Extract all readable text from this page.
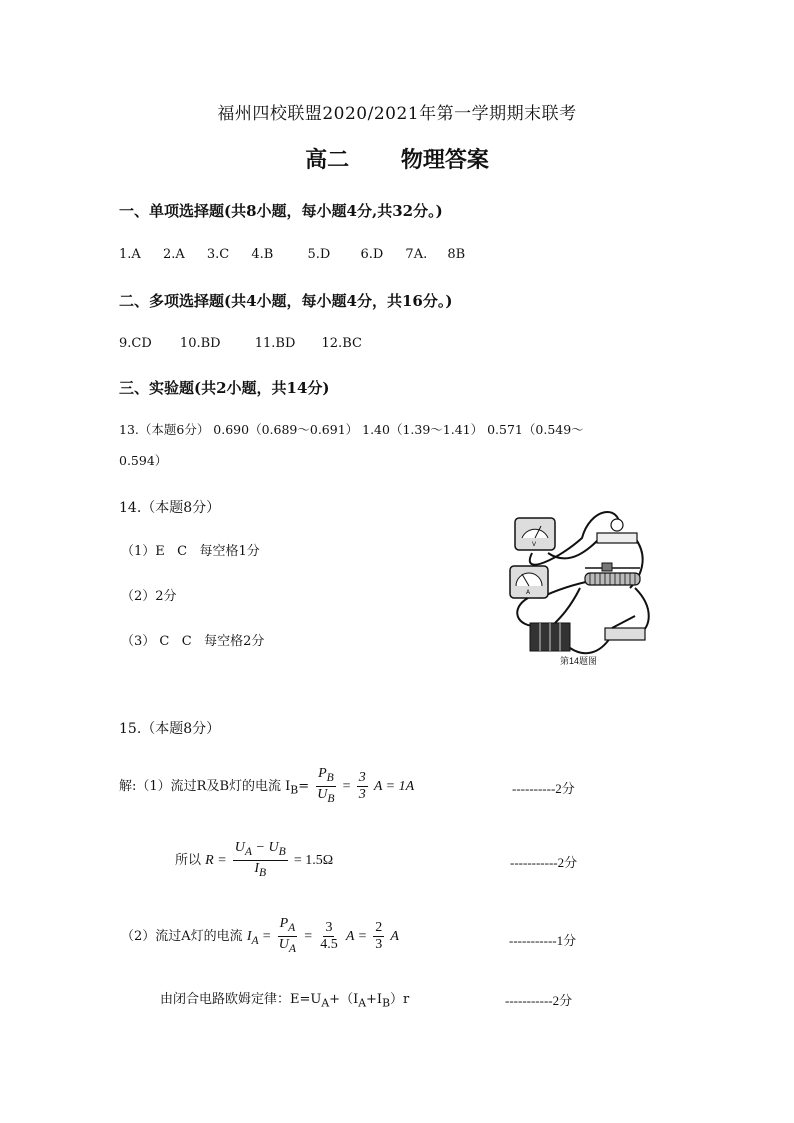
福州四校联盟2020/2021年第一学期期末联考
高二 物理答案
一、单项选择题(共8小题，每小题4分,共32分。)
1.A 2.A 3.C 4.B	5.D 6.D 7A. 8B
二、多项选择题(共4小题，每小题4分，共16分。)
9.CD 10.BD	11.BD 12.BC
三、实验题(共2小题，共14分)
13.（本题6分） 0.690（0.689～0.691） 1.40（1.39～1.41） 0.571（0.549～
0.594）
14.（本题8分）
（1）E   C   每空格1分
（2）2分
（3） C   C   每空格2分
V
A
第14题图
15.（本题8分）
解:（1）流过R及B灯的电流 $I_B= \frac{P_B}{U_B} = \frac{3}{3}$ A = 1A	----------2分
所以 $R = \frac{U_A - U_B}{I_B} = 1.5\Omega$	-----------2分
（2）流过A灯的电流 $I_A = \frac{P_A}{U_A} = \frac{3}{4.5}$ $A = \frac{2}{3}$ A	-----------1分
由闭合电路欧姆定律：$E=U_A+(I_A+I_B)r$	-----------2分
